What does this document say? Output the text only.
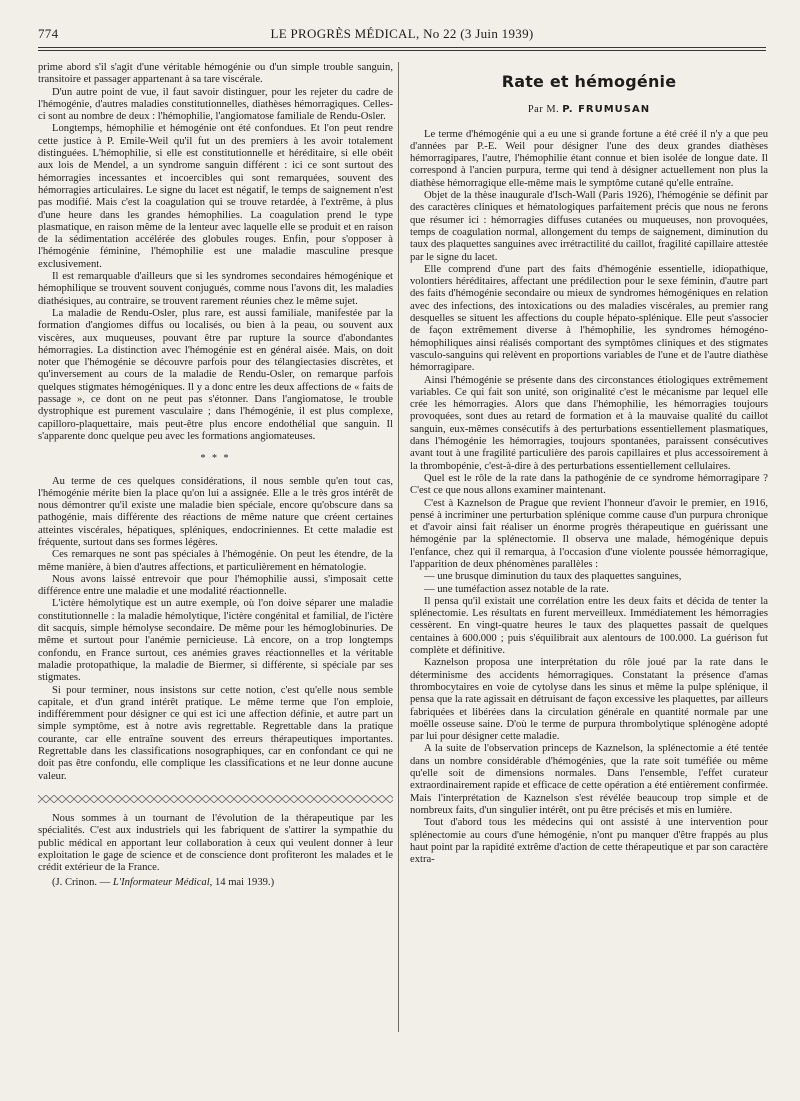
774	LE PROGRÈS MÉDICAL, No 22 (3 Juin 1939)

prime abord s'il s'agit d'une véritable hémogénie ou d'un simple trouble sanguin, transitoire et passager appartenant à sa tare viscérale.

D'un autre point de vue, il faut savoir distinguer, pour les rejeter du cadre de l'hémogénie, d'autres maladies constitutionnelles, diathèses hémorragiques. Celles-ci sont au nombre de deux : l'hémophilie, l'angiomatose familiale de Rendu-Osler.

Longtemps, hémophilie et hémogénie ont été confondues. Et l'on peut rendre cette justice à P. Emile-Weil qu'il fut un des premiers à les avoir totalement distinguées. L'hémophilie, si elle est constitutionnelle et héréditaire, si elle obéit aux lois de Mendel, a un syndrome sanguin différent : ici ce sont surtout des hémorragies incessantes et incoercibles qui sont remarquées, souvent des hémorragies articulaires. Le signe du lacet est négatif, le temps de saignement n'est pas modifié. Mais c'est la coagulation qui se trouve retardée, à l'extrême, à plus d'une heure dans les grandes hémophilies. La coagulation prend le type plasmatique, en raison même de la lenteur avec laquelle elle se produit et en raison de la sédimentation accélérée des globules rouges. Enfin, pour s'opposer à l'hémogénie féminine, l'hémophilie est une maladie masculine presque exclusivement.

Il est remarquable d'ailleurs que si les syndromes secondaires hémogénique et hémophilique se trouvent souvent conjugués, comme nous l'avons dit, les maladies diathésiques, au contraire, se trouvent rarement réunies chez le même sujet.

La maladie de Rendu-Osler, plus rare, est aussi familiale, manifestée par la formation d'angiomes diffus ou localisés, ou bien à la peau, ou souvent aux viscères, aux muqueuses, pouvant être par rupture la source d'abondantes hémorragies. La distinction avec l'hémogénie est en général aisée. Mais, on doit noter que l'hémogénie se découvre parfois pour des télangiectasies discrètes, et qu'inversement au cours de la maladie de Rendu-Osler, on remarque parfois quelques stigmates hémogéniques. Il y a donc entre les deux affections de « faits de passage », ce dont on ne peut pas s'étonner. Dans l'angiomatose, le trouble dystrophique est purement vasculaire ; dans l'hémogénie, il est plus complexe, capilloro-plaquettaire, mais peut-être plus encore endothélial que sanguin. Il s'apparente donc quelque peu avec les formations angiomateuses.

* * *

Au terme de ces quelques considérations, il nous semble qu'en tout cas, l'hémogénie mérite bien la place qu'on lui a assignée. Elle a le très gros intérêt de nous démontrer qu'il existe une maladie bien spéciale, encore qu'obscure dans sa pathogénie, mais différente des réactions de même nature que créent certaines atteintes viscérales, hépatiques, spléniques, endocriniennes. Et cette maladie est fréquente, surtout dans ses formes légères.

Ces remarques ne sont pas spéciales à l'hémogénie. On peut les étendre, de la même manière, à bien d'autres affections, et particulièrement en hématologie.

Nous avons laissé entrevoir que pour l'hémophilie aussi, s'imposait cette différence entre une maladie et une modalité réactionnelle.

L'ictère hémolytique est un autre exemple, où l'on doive séparer une maladie constitutionnelle : la maladie hémolytique, l'ictère congénital et familial, de l'ictère dit sacquis, simple hémolyse secondaire. De même pour les hémoglobinuries. De même et surtout pour l'anémie pernicieuse. Là encore, on a trop longtemps confondu, en France surtout, ces anémies graves réactionnelles et la véritable maladie protopathique, la maladie de Biermer, si différente, si spéciale par ses stigmates.

Si pour terminer, nous insistons sur cette notion, c'est qu'elle nous semble capitale, et d'un grand intérêt pratique. Le même terme que l'on emploie, indifféremment pour désigner ce qui est ici une affection définie, et autre part un simple symptôme, est à notre avis regrettable. Regrettable dans la pratique courante, car elle entraîne souvent des erreurs thérapeutiques importantes. Regrettable dans les classifications nosographiques, car en confondant ce qui ne doit pas être confondu, elle complique les classifications et ne leur donne aucune valeur.

Nous sommes à un tournant de l'évolution de la thérapeutique par les spécialités. C'est aux industriels qui les fabriquent de s'attirer la sympathie du public médical en apportant leur collaboration à ceux qui veulent donner à leur exploitation le gage de science et de conscience dont profiteront les malades et le crédit extérieur de la France.

(J. Crinon. — L'Informateur Médical, 14 mai 1939.)

Rate et hémogénie
Par M. P. FRUMUSAN

Le terme d'hémogénie qui a eu une si grande fortune a été créé il n'y a que peu d'années par P.-E. Weil pour désigner l'une des deux grandes diathèses hémorragipares, l'autre, l'hémophilie étant connue et bien isolée de longue date. Il correspond à l'ancien purpura, terme qui tend à désigner actuellement non plus la diathèse hémorragique elle-même mais le symptôme cutané qu'elle entraîne.

Objet de la thèse inaugurale d'Isch-Wall (Paris 1926), l'hémogénie se définit par des caractères cliniques et hématologiques parfaitement précis que nous ne ferons que résumer ici : hémorragies diffuses cutanées ou muqueuses, non provoquées, temps de coagulation normal, allongement du temps de saignement, diminution du taux des plaquettes sanguines avec irrétractilité du caillot, fragilité capillaire attestée par le signe du lacet.

Elle comprend d'une part des faits d'hémogénie essentielle, idiopathique, volontiers héréditaires, affectant une prédilection pour le sexe féminin, d'autre part des faits d'hémogénie secondaire ou mieux de syndromes hémogéniques en relation avec des infections, des intoxications ou des maladies viscérales, au premier rang desquelles se situent les affections du couple hépato-splénique. Elle peut s'associer de façon extrêmement diverse à l'hémophilie, les syndromes hémogéno-hémophiliques ainsi réalisés comportant des symptômes cliniques et des stigmates vasculo-sanguins qui relèvent en proportions variables de l'une et de l'autre diathèse hémorragipare.

Ainsi l'hémogénie se présente dans des circonstances étiologiques extrêmement variables. Ce qui fait son unité, son originalité c'est le mécanisme par lequel elle crée les hémorragies. Alors que dans l'hémophilie, les hémorragies toujours provoquées, sont dues au retard de formation et à la mauvaise qualité du caillot sanguin, eux-mêmes consécutifs à des perturbations essentiellement plasmatiques, dans l'hémogénie les hémorragies, toujours spontanées, paraissent consécutives avant tout à une fragilité particulière des parois capillaires et plus accessoirement à la thrombopénie, c'est-à-dire à des perturbations essentiellement cellulaires.

Quel est le rôle de la rate dans la pathogénie de ce syndrome hémorragipare ? C'est ce que nous allons examiner maintenant.

C'est à Kaznelson de Prague que revient l'honneur d'avoir le premier, en 1916, pensé à incriminer une perturbation splénique comme cause d'un purpura chronique et d'avoir ainsi fait réaliser un énorme progrès thérapeutique en guérissant une hémogénie par la splénectomie. Il observa une malade, hémogénique depuis l'enfance, chez qui il remarqua, à l'occasion d'une violente poussée hémorragique, l'apparition de deux phénomènes parallèles :

— une brusque diminution du taux des plaquettes sanguines,

— une tuméfaction assez notable de la rate.

Il pensa qu'il existait une corrélation entre les deux faits et décida de tenter la splénectomie. Les résultats en furent merveilleux. Immédiatement les hémorragies cessèrent. En vingt-quatre heures le taux des plaquettes passait de quelques centaines à 600.000 ; puis s'équilibrait aux alentours de 100.000. La guérison fut complète et définitive.

Kaznelson proposa une interprétation du rôle joué par la rate dans le déterminisme des accidents hémorragiques. Constatant la présence d'amas thrombocytaires en voie de cytolyse dans les sinus et même la pulpe splénique, il pensa que la rate agissait en détruisant de façon excessive les plaquettes, par ailleurs fabriquées et libérées dans la circulation générale en quantité normale par une moëlle osseuse saine. D'où le terme de purpura thrombolytique splénogène adopté par lui pour désigner cette maladie.

A la suite de l'observation princeps de Kaznelson, la splénectomie a été tentée dans un nombre considérable d'hémogénies, que la rate soit tuméfiée ou même qu'elle soit de dimensions normales. Dans l'ensemble, l'effet curateur extraordinairement rapide et efficace de cette opération a été entièrement confirmée. Mais l'interprétation de Kaznelson s'est révélée beaucoup trop simple et de nombreux faits, d'un singulier intérêt, ont pu être précisés et mis en lumière.

Tout d'abord tous les médecins qui ont assisté à une intervention pour splénectomie au cours d'une hémogénie, n'ont pu manquer d'être frappés au plus haut point par la rapidité extrême d'action de cette thérapeutique et par son caractère extra-
